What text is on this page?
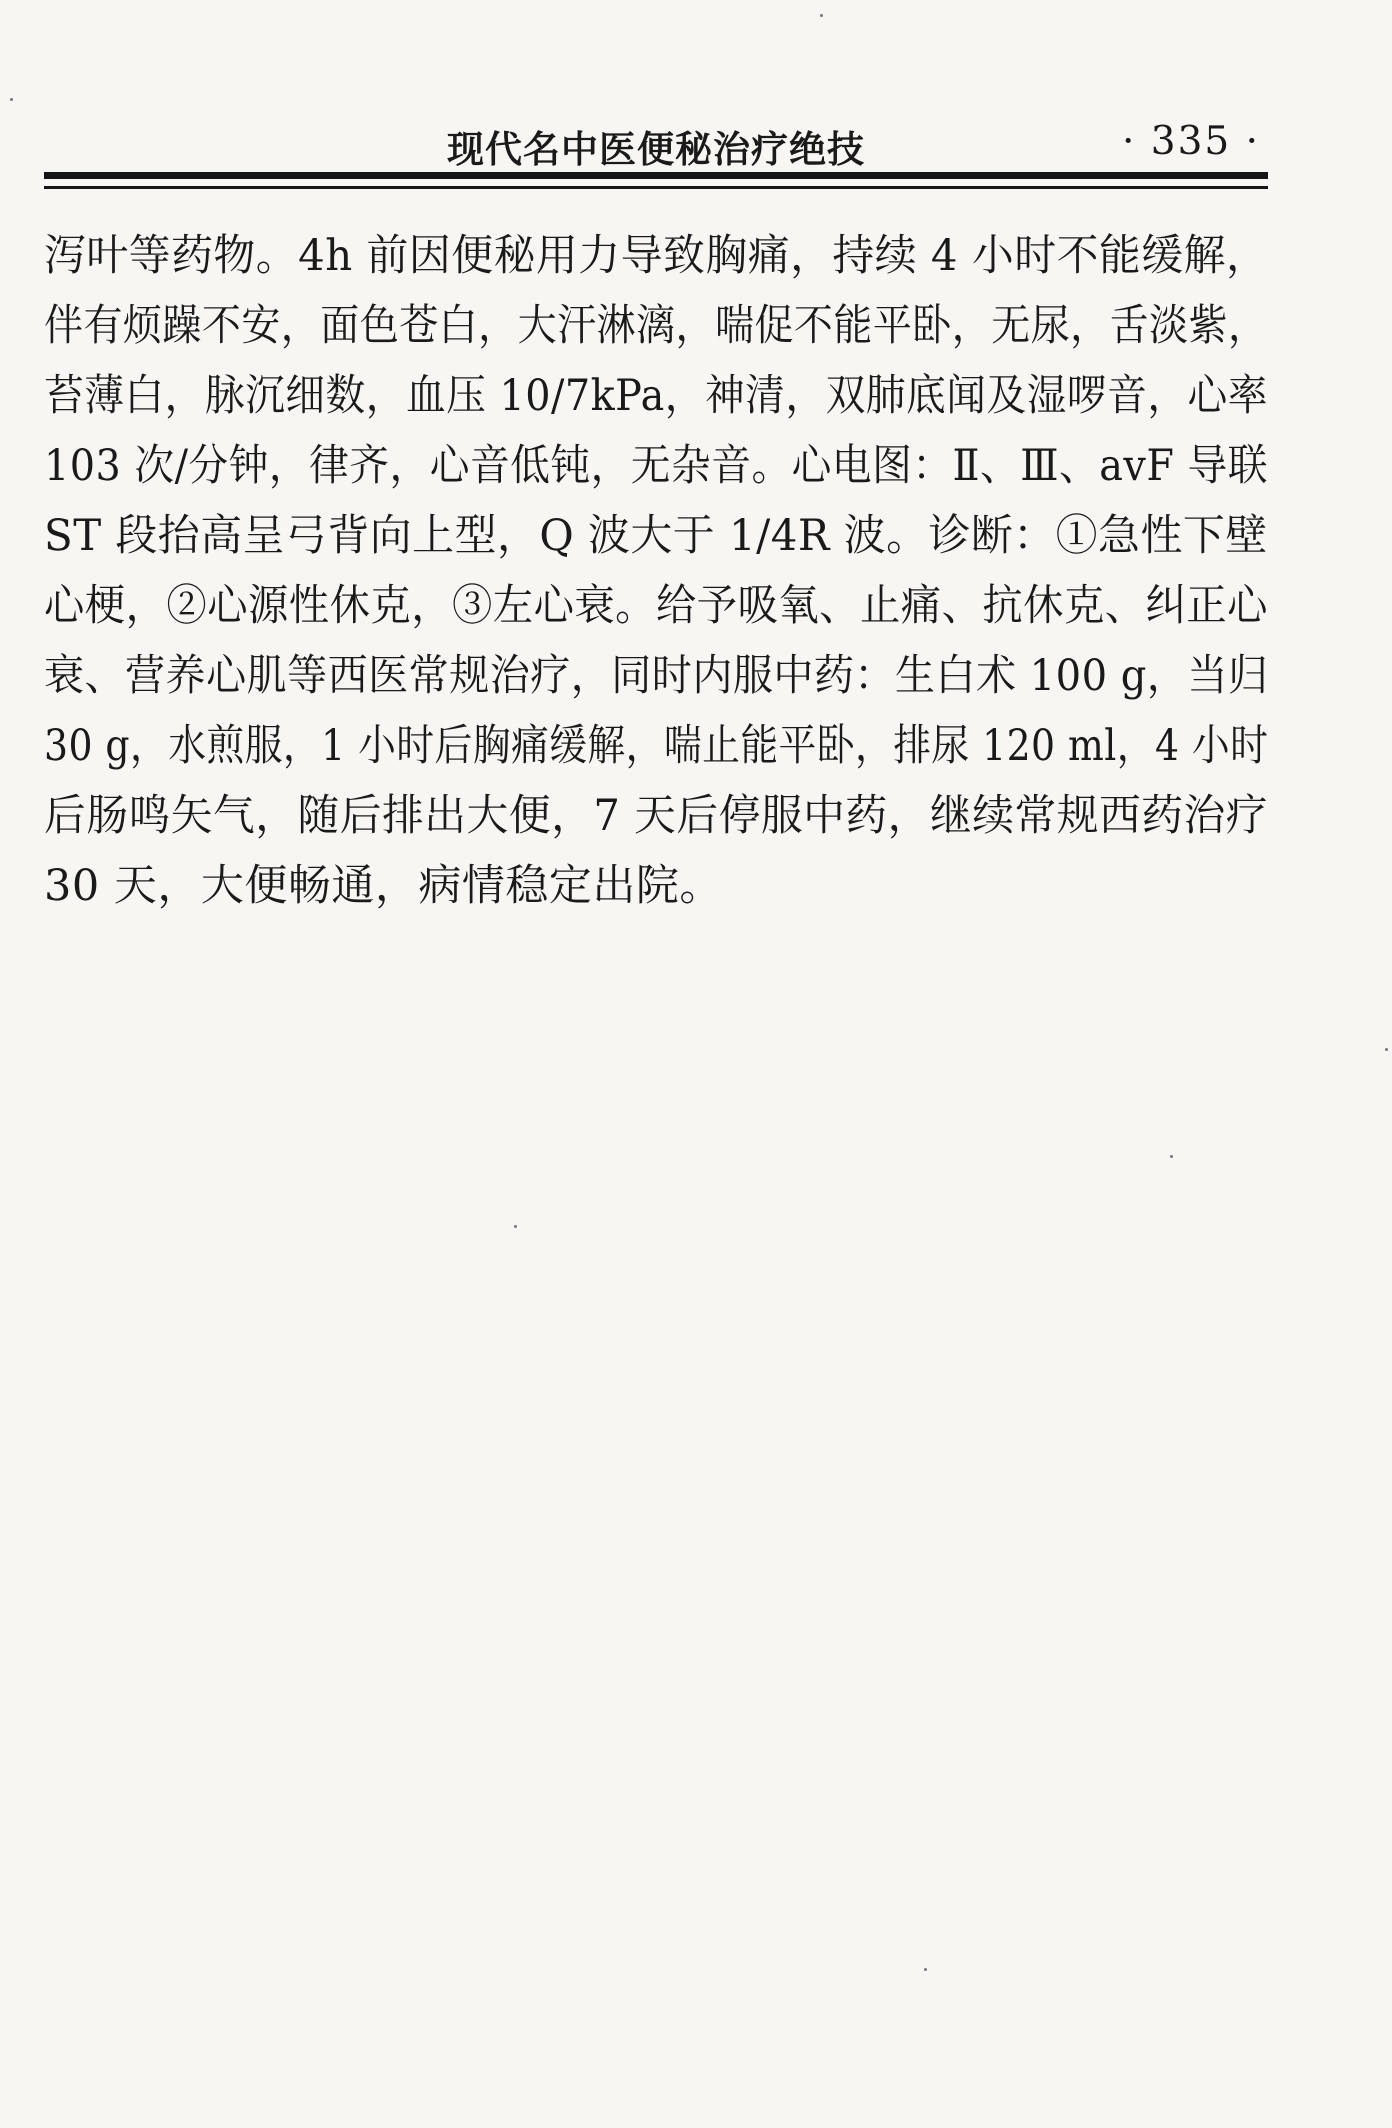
现代名中医便秘治疗绝技	· 335 ·
泻叶等药物。4h 前因便秘用力导致胸痛，持续 4 小时不能缓解，
伴有烦躁不安，面色苍白，大汗淋漓，喘促不能平卧，无尿，舌淡紫，
苔薄白，脉沉细数，血压 10/7kPa，神清，双肺底闻及湿啰音，心率
103 次/分钟，律齐，心音低钝，无杂音。心电图：Ⅱ、Ⅲ、avF 导联
ST 段抬高呈弓背向上型，Q 波大于 1/4R 波。诊断：①急性下壁
心梗，②心源性休克，③左心衰。给予吸氧、止痛、抗休克、纠正心
衰、营养心肌等西医常规治疗，同时内服中药：生白术 100 g，当归
30 g，水煎服，1 小时后胸痛缓解，喘止能平卧，排尿 120 ml，4 小时
后肠鸣矢气，随后排出大便，7 天后停服中药，继续常规西药治疗
30 天，大便畅通，病情稳定出院。
